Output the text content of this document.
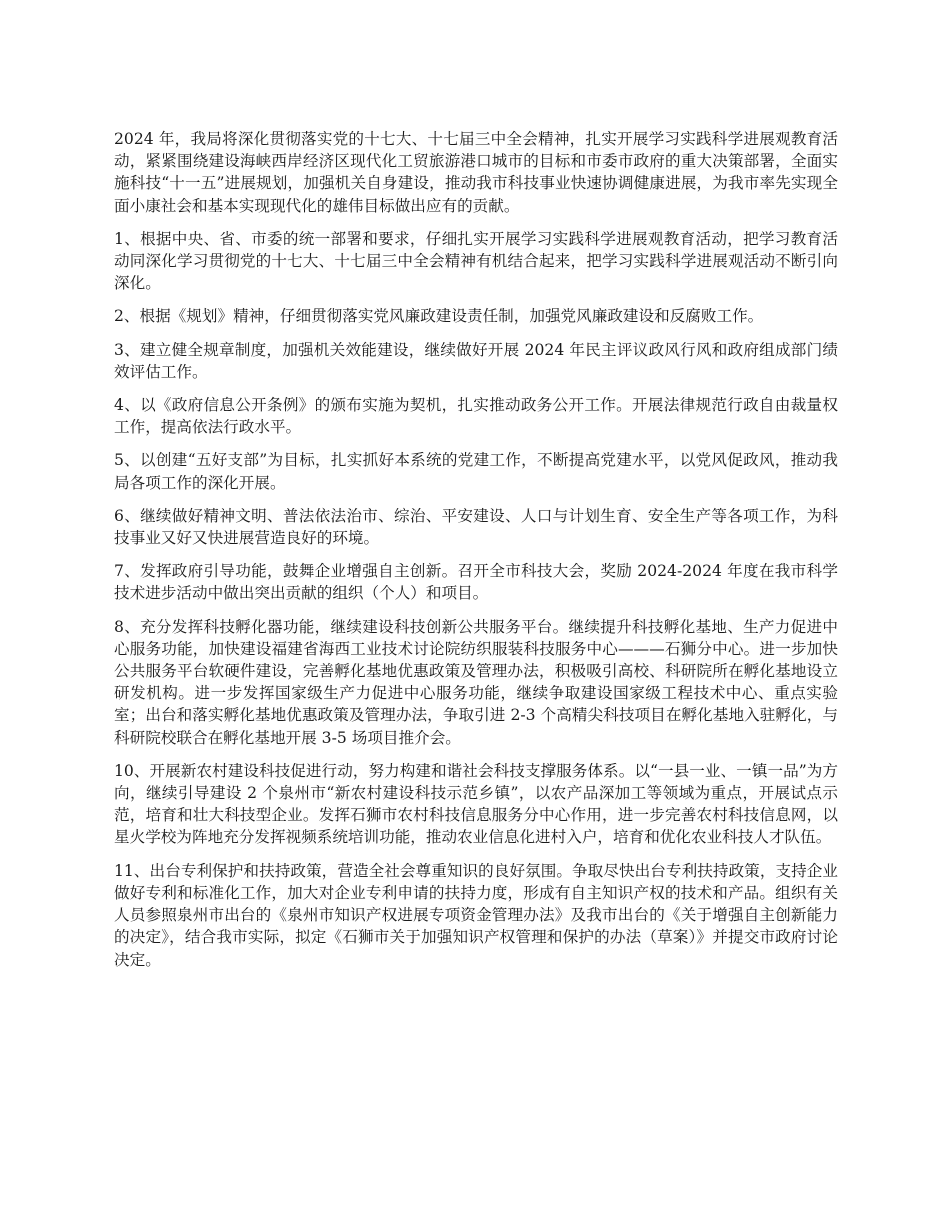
2024 年，我局将深化贯彻落实党的十七大、十七届三中全会精神，扎实开展学习实践科学进展观教育活动，紧紧围绕建设海峡西岸经济区现代化工贸旅游港口城市的目标和市委市政府的重大决策部署，全面实施科技“十一五”进展规划，加强机关自身建设，推动我市科技事业快速协调健康进展，为我市率先实现全面小康社会和基本实现现代化的雄伟目标做出应有的贡献。

1、根据中央、省、市委的统一部署和要求，仔细扎实开展学习实践科学进展观教育活动，把学习教育活动同深化学习贯彻党的十七大、十七届三中全会精神有机结合起来，把学习实践科学进展观活动不断引向深化。

2、根据《规划》精神，仔细贯彻落实党风廉政建设责任制，加强党风廉政建设和反腐败工作。

3、建立健全规章制度，加强机关效能建设，继续做好开展 2024 年民主评议政风行风和政府组成部门绩效评估工作。

4、以《政府信息公开条例》的颁布实施为契机，扎实推动政务公开工作。开展法律规范行政自由裁量权工作，提高依法行政水平。

5、以创建“五好支部”为目标，扎实抓好本系统的党建工作，不断提高党建水平，以党风促政风，推动我局各项工作的深化开展。

6、继续做好精神文明、普法依法治市、综治、平安建设、人口与计划生育、安全生产等各项工作，为科技事业又好又快进展营造良好的环境。

7、发挥政府引导功能，鼓舞企业增强自主创新。召开全市科技大会，奖励 2024-2024 年度在我市科学技术进步活动中做出突出贡献的组织（个人）和项目。

8、充分发挥科技孵化器功能，继续建设科技创新公共服务平台。继续提升科技孵化基地、生产力促进中心服务功能，加快建设福建省海西工业技术讨论院纺织服装科技服务中心———石狮分中心。进一步加快公共服务平台软硬件建设，完善孵化基地优惠政策及管理办法，积极吸引高校、科研院所在孵化基地设立研发机构。进一步发挥国家级生产力促进中心服务功能，继续争取建设国家级工程技术中心、重点实验室；出台和落实孵化基地优惠政策及管理办法，争取引进 2-3 个高精尖科技项目在孵化基地入驻孵化，与科研院校联合在孵化基地开展 3-5 场项目推介会。

10、开展新农村建设科技促进行动，努力构建和谐社会科技支撑服务体系。以“一县一业、一镇一品”为方向，继续引导建设 2 个泉州市“新农村建设科技示范乡镇”，以农产品深加工等领域为重点，开展试点示范，培育和壮大科技型企业。发挥石狮市农村科技信息服务分中心作用，进一步完善农村科技信息网，以星火学校为阵地充分发挥视频系统培训功能，推动农业信息化进村入户，培育和优化农业科技人才队伍。

11、出台专利保护和扶持政策，营造全社会尊重知识的良好氛围。争取尽快出台专利扶持政策，支持企业做好专利和标准化工作，加大对企业专利申请的扶持力度，形成有自主知识产权的技术和产品。组织有关人员参照泉州市出台的《泉州市知识产权进展专项资金管理办法》及我市出台的《关于增强自主创新能力的决定》，结合我市实际，拟定《石狮市关于加强知识产权管理和保护的办法（草案）》并提交市政府讨论决定。
